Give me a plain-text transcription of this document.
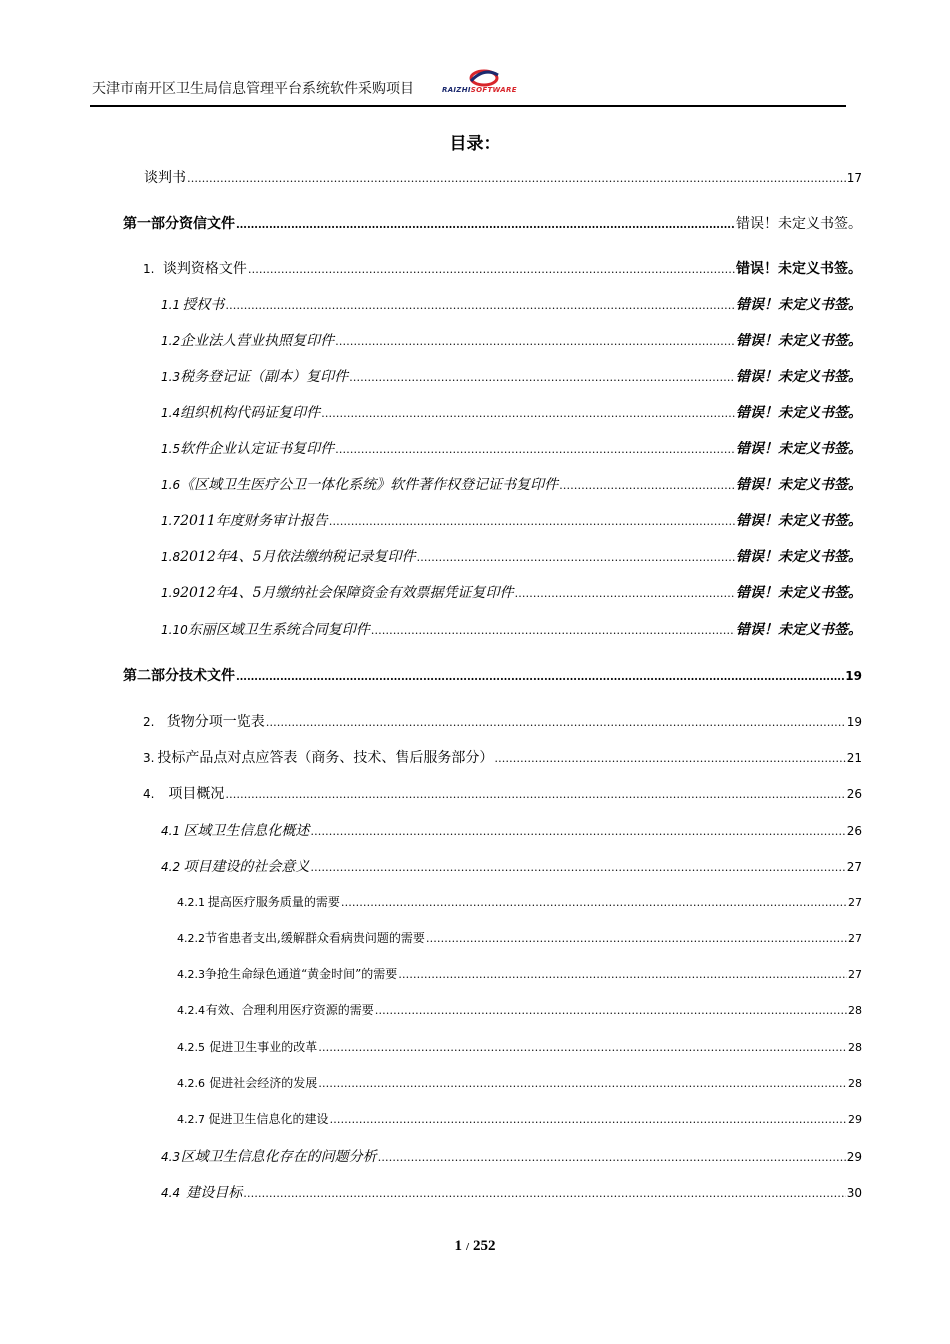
天津市南开区卫生局信息管理平台系统软件采购项目	RAIZHISOFTWARE
目录：
谈判书 …………………………………………………………………………………………………………………………………………………………………………………………………………………………………………………………………………	17
第一部分资信文件 …………………………………………………………………………………………………………………………………………………………………………………………………………………………………………………………………………	错误！未定义书签。
1. 谈判资格文件 …………………………………………………………………………………………………………………………………………………………………………………………………………………………………………………………………………	错误！未定义书签。
1.1 授权书 …………………………………………………………………………………………………………………………………………………………………………………………………………………………………………………………………………	错误！未定义书签。
1.2 企业法人营业执照复印件 …………………………………………………………………………………………………………………………………………………………………………………………………………………………………………………………………………	错误！未定义书签。
1.3 税务登记证（副本）复印件 …………………………………………………………………………………………………………………………………………………………………………………………………………………………………………………………………………	错误！未定义书签。
1.4 组织机构代码证复印件 …………………………………………………………………………………………………………………………………………………………………………………………………………………………………………………………………………	错误！未定义书签。
1.5 软件企业认定证书复印件 …………………………………………………………………………………………………………………………………………………………………………………………………………………………………………………………………………	错误！未定义书签。
1.6 《区域卫生医疗公卫一体化系统》软件著作权登记证书复印件 …………………………………………………………………………………………………………………………………………………………………………………………………………………………………………………………………………	错误！未定义书签。
1.7 2011年度财务审计报告 …………………………………………………………………………………………………………………………………………………………………………………………………………………………………………………………………………	错误！未定义书签。
1.8 2012年4、5月依法缴纳税记录复印件 …………………………………………………………………………………………………………………………………………………………………………………………………………………………………………………………………………	错误！未定义书签。
1.9 2012年4、5月缴纳社会保障资金有效票据凭证复印件 …………………………………………………………………………………………………………………………………………………………………………………………………………………………………………………………………………	错误！未定义书签。
1.10 东丽区域卫生系统合同复印件 …………………………………………………………………………………………………………………………………………………………………………………………………………………………………………………………………………	错误！未定义书签。
第二部分技术文件 …………………………………………………………………………………………………………………………………………………………………………………………………………………………………………………………………………	19
2. 货物分项一览表 …………………………………………………………………………………………………………………………………………………………………………………………………………………………………………………………………………	19
3. 投标产品点对点应答表（商务、技术、售后服务部分） …………………………………………………………………………………………………………………………………………………………………………………………………………………………………………………………………………	21
4. 项目概况 …………………………………………………………………………………………………………………………………………………………………………………………………………………………………………………………………………	26
4.1 区域卫生信息化概述 …………………………………………………………………………………………………………………………………………………………………………………………………………………………………………………………………………	26
4.2 项目建设的社会意义 …………………………………………………………………………………………………………………………………………………………………………………………………………………………………………………………………………	27
4.2.1 提高医疗服务质量的需要 …………………………………………………………………………………………………………………………………………………………………………………………………………………………………………………………………………	27
4.2.2 节省患者支出,缓解群众看病贵问题的需要 …………………………………………………………………………………………………………………………………………………………………………………………………………………………………………………………………………	27
4.2.3 争抢生命绿色通道“黄金时间”的需要 …………………………………………………………………………………………………………………………………………………………………………………………………………………………………………………………………………	27
4.2.4 有效、合理利用医疗资源的需要 …………………………………………………………………………………………………………………………………………………………………………………………………………………………………………………………………………	28
4.2.5 促进卫生事业的改革 …………………………………………………………………………………………………………………………………………………………………………………………………………………………………………………………………………	28
4.2.6 促进社会经济的发展 …………………………………………………………………………………………………………………………………………………………………………………………………………………………………………………………………………	28
4.2.7 促进卫生信息化的建设 …………………………………………………………………………………………………………………………………………………………………………………………………………………………………………………………………………	29
4.3 区域卫生信息化存在的问题分析 …………………………………………………………………………………………………………………………………………………………………………………………………………………………………………………………………………	29
4.4 建设目标 …………………………………………………………………………………………………………………………………………………………………………………………………………………………………………………………………………	30
1 / 252
